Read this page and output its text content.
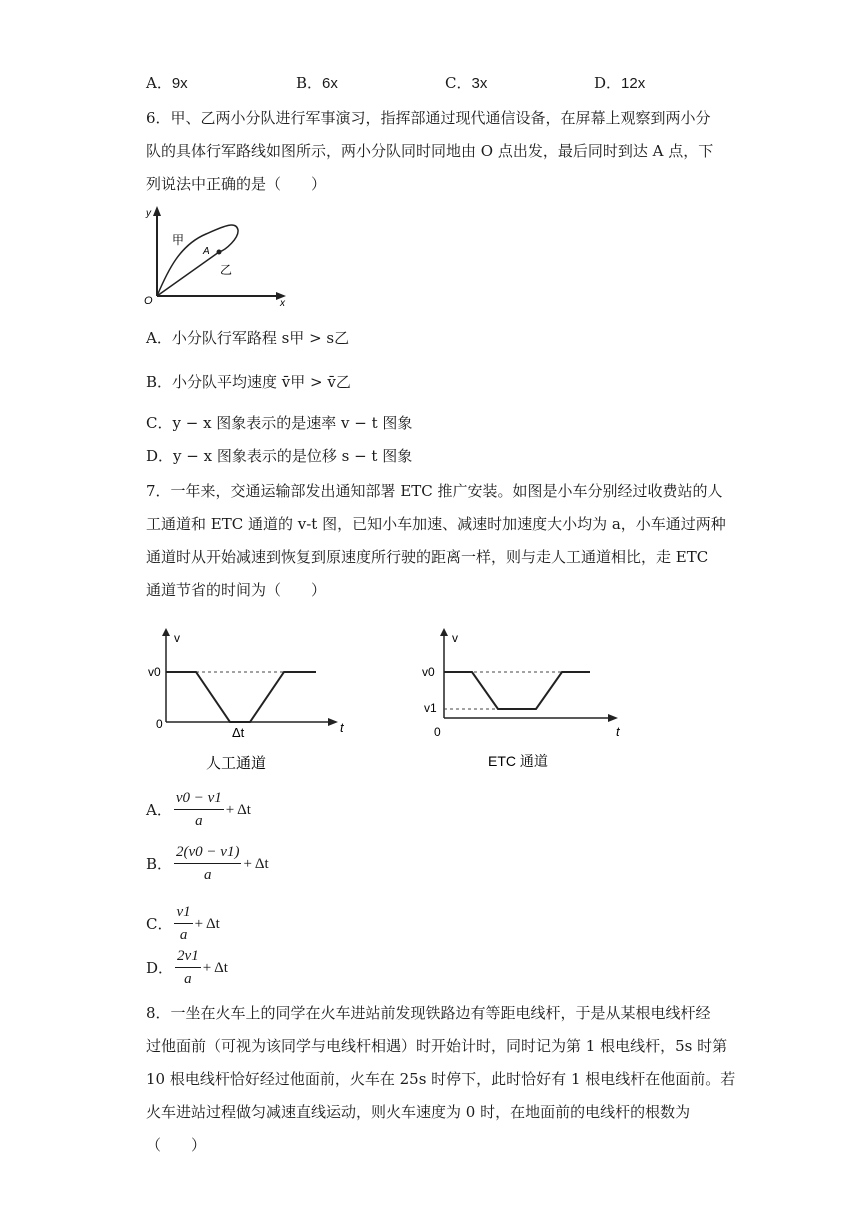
A．9x	B．6x	C．3x	D．12x
6．甲、乙两小分队进行军事演习，指挥部通过现代通信设备，在屏幕上观察到两小分
队的具体行军路线如图所示，两小分队同时同地由 O 点出发，最后同时到达 A 点，下
列说法中正确的是（　　）
y
x
O
甲
乙
A
A．小分队行军路程 s甲 > s乙
B．小分队平均速度 v̄甲 > v̄乙
C．y − x 图象表示的是速率 v − t 图象
D．y − x 图象表示的是位移 s − t 图象
7．一年来，交通运输部发出通知部署 ETC 推广安装。如图是小车分别经过收费站的人
工通道和 ETC 通道的 v-t 图，已知小车加速、减速时加速度大小均为 a，小车通过两种
通道时从开始减速到恢复到原速度所行驶的距离一样，则与走人工通道相比，走 ETC
通道节省的时间为（　　）
v
t
v0
0
Δt
人工通道
v
t
v0
v1
0
ETC 通道
A． $\frac{v0 - v1}{a} + \Delta t$
B． $\frac{2(v0 - v1)}{a} + \Delta t$
C． $\frac{v1}{a} + \Delta t$
D． $\frac{2v1}{a} + \Delta t$
8．一坐在火车上的同学在火车进站前发现铁路边有等距电线杆，于是从某根电线杆经
过他面前（可视为该同学与电线杆相遇）时开始计时，同时记为第 1 根电线杆，5s 时第
10 根电线杆恰好经过他面前，火车在 25s 时停下，此时恰好有 1 根电线杆在他面前。若
火车进站过程做匀减速直线运动，则火车速度为 0 时，在地面前的电线杆的根数为
（　　）
